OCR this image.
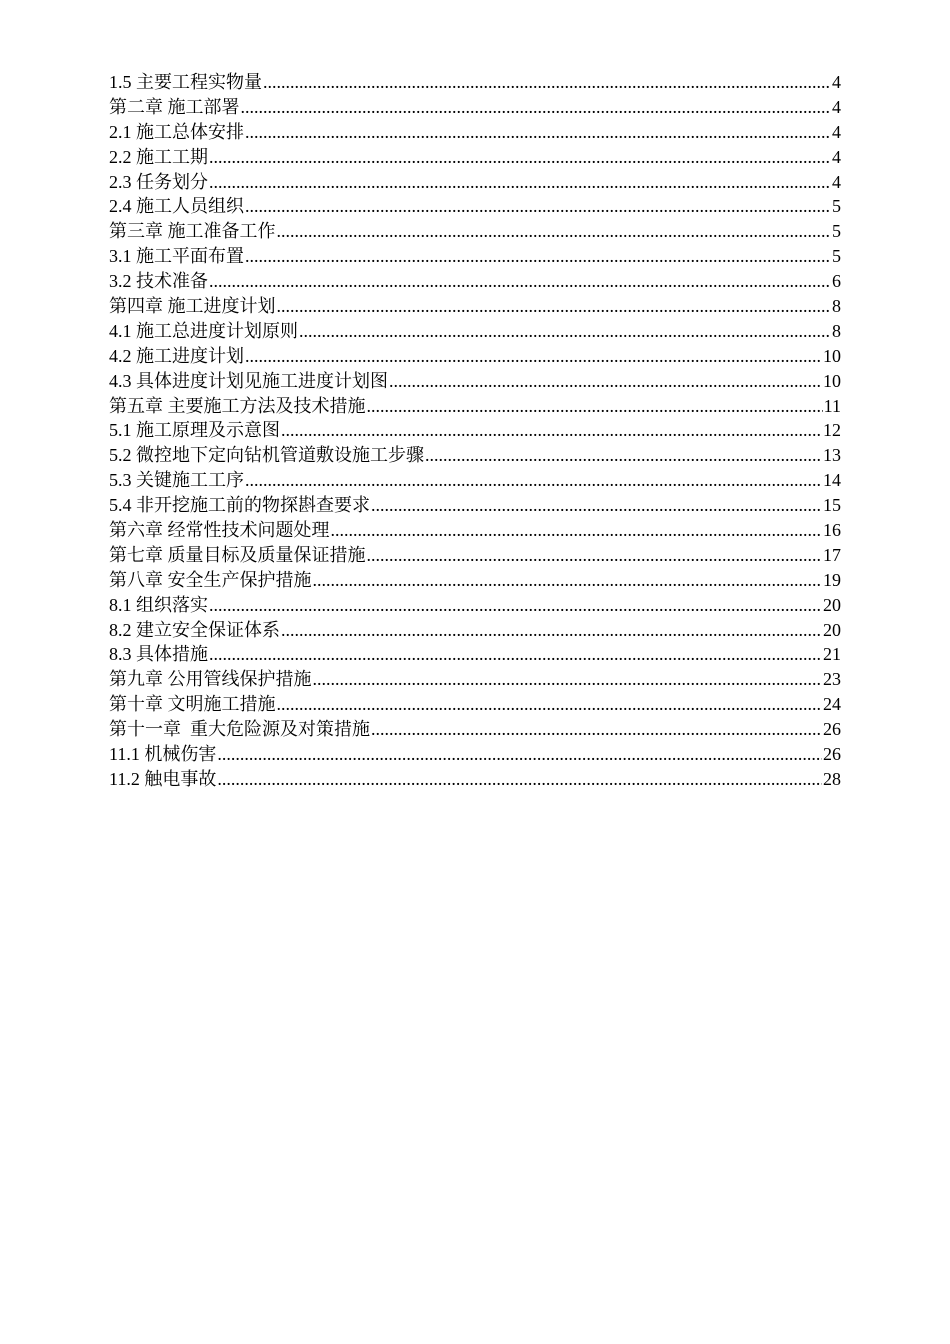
1.5 主要工程实物量 .....	4
第二章 施工部署 .....	4
2.1 施工总体安排 .....	4
2.2 施工工期 .....	4
2.3 任务划分 .....	4
2.4 施工人员组织 .....	5
第三章 施工准备工作 .....	5
3.1 施工平面布置 .....	5
3.2 技术准备 .....	6
第四章 施工进度计划 .....	8
4.1 施工总进度计划原则 .....	8
4.2 施工进度计划 .....	10
4.3 具体进度计划见施工进度计划图 .....	10
第五章 主要施工方法及技术措施 .....	11
5.1 施工原理及示意图 .....	12
5.2 微控地下定向钻机管道敷设施工步骤 .....	13
5.3 关键施工工序 .....	14
5.4 非开挖施工前的物探斟查要求 .....	15
第六章 经常性技术问题处理 .....	16
第七章 质量目标及质量保证措施 .....	17
第八章 安全生产保护措施 .....	19
8.1 组织落实 .....	20
8.2 建立安全保证体系 .....	20
8.3 具体措施 .....	21
第九章 公用管线保护措施 .....	23
第十章 文明施工措施 .....	24
第十一章  重大危险源及对策措施 .....	26
11.1 机械伤害 .....	26
11.2 触电事故 .....	28
